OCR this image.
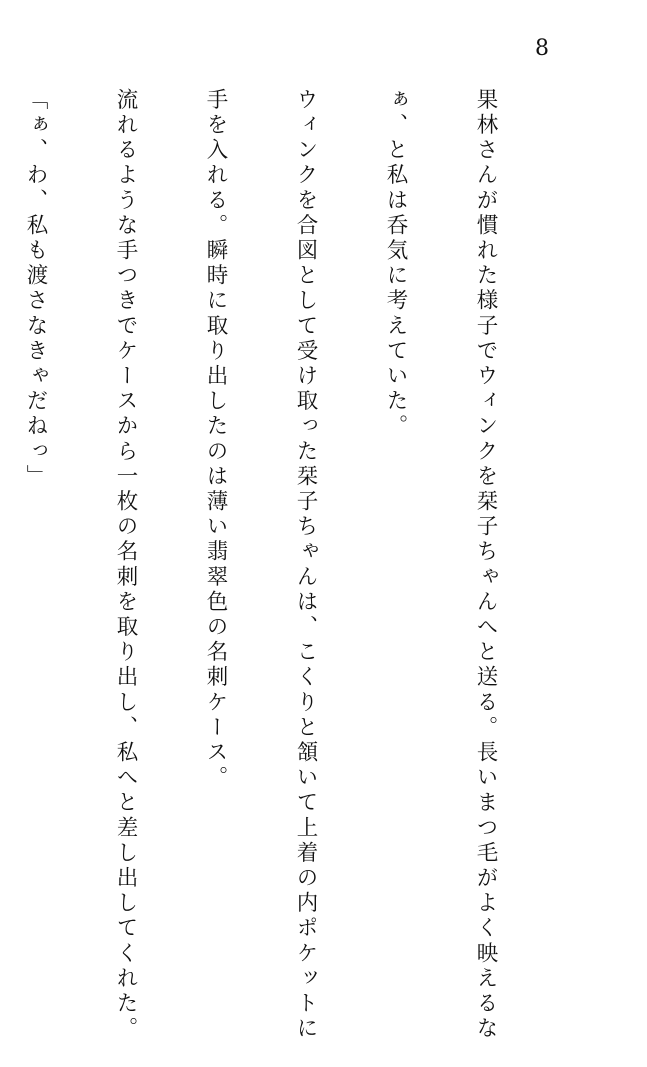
8

果林さんが慣れた様子でウィンクを栞子ちゃんへと送る。長いまつ毛がよく映えるな

ぁ、と私は呑気に考えていた。

ウィンクを合図として受け取った栞子ちゃんは、こくりと頷いて上着の内ポケットに

手を入れる。瞬時に取り出したのは薄い翡翠色の名刺ケース。

流れるような手つきでケースから一枚の名刺を取り出し、私へと差し出してくれた。

「ぁ、わ、私も渡さなきゃだねっ」
